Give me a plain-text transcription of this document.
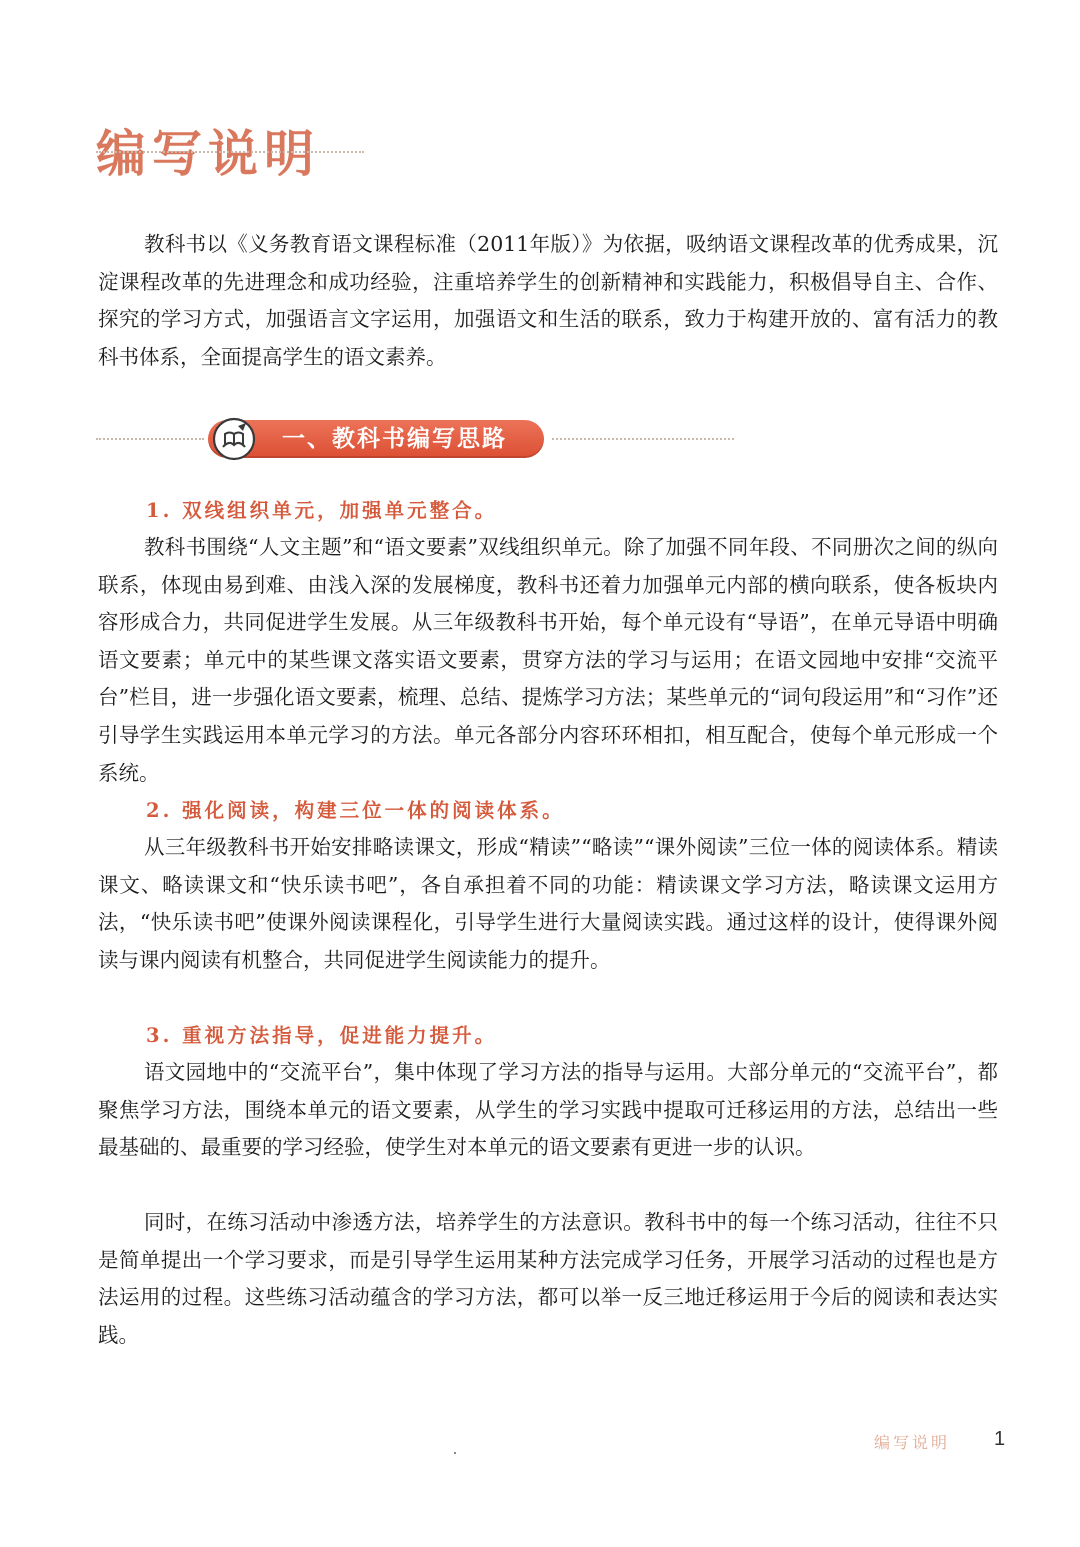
编写说明

教科书以《义务教育语文课程标准（2011年版）》为依据，吸纳语文课程改革的优秀成果，沉淀课程改革的先进理念和成功经验，注重培养学生的创新精神和实践能力，积极倡导自主、合作、探究的学习方式，加强语言文字运用，加强语文和生活的联系，致力于构建开放的、富有活力的教科书体系，全面提高学生的语文素养。

一、教科书编写思路
1. 双线组织单元，加强单元整合。

教科书围绕“人文主题”和“语文要素”双线组织单元。除了加强不同年段、不同册次之间的纵向联系，体现由易到难、由浅入深的发展梯度，教科书还着力加强单元内部的横向联系，使各板块内容形成合力，共同促进学生发展。从三年级教科书开始，每个单元设有“导语”，在单元导语中明确语文要素；单元中的某些课文落实语文要素，贯穿方法的学习与运用；在语文园地中安排“交流平台”栏目，进一步强化语文要素，梳理、总结、提炼学习方法；某些单元的“词句段运用”和“习作”还引导学生实践运用本单元学习的方法。单元各部分内容环环相扣，相互配合，使每个单元形成一个系统。

2. 强化阅读，构建三位一体的阅读体系。

从三年级教科书开始安排略读课文，形成“精读”“略读”“课外阅读”三位一体的阅读体系。精读课文、略读课文和“快乐读书吧”，各自承担着不同的功能：精读课文学习方法，略读课文运用方法，“快乐读书吧”使课外阅读课程化，引导学生进行大量阅读实践。通过这样的设计，使得课外阅读与课内阅读有机整合，共同促进学生阅读能力的提升。

3. 重视方法指导，促进能力提升。

语文园地中的“交流平台”，集中体现了学习方法的指导与运用。大部分单元的“交流平台”，都聚焦学习方法，围绕本单元的语文要素，从学生的学习实践中提取可迁移运用的方法，总结出一些最基础的、最重要的学习经验，使学生对本单元的语文要素有更进一步的认识。

同时，在练习活动中渗透方法，培养学生的方法意识。教科书中的每一个练习活动，往往不只是简单提出一个学习要求，而是引导学生运用某种方法完成学习任务，开展学习活动的过程也是方法运用的过程。这些练习活动蕴含的学习方法，都可以举一反三地迁移运用于今后的阅读和表达实践。

编写说明 1
